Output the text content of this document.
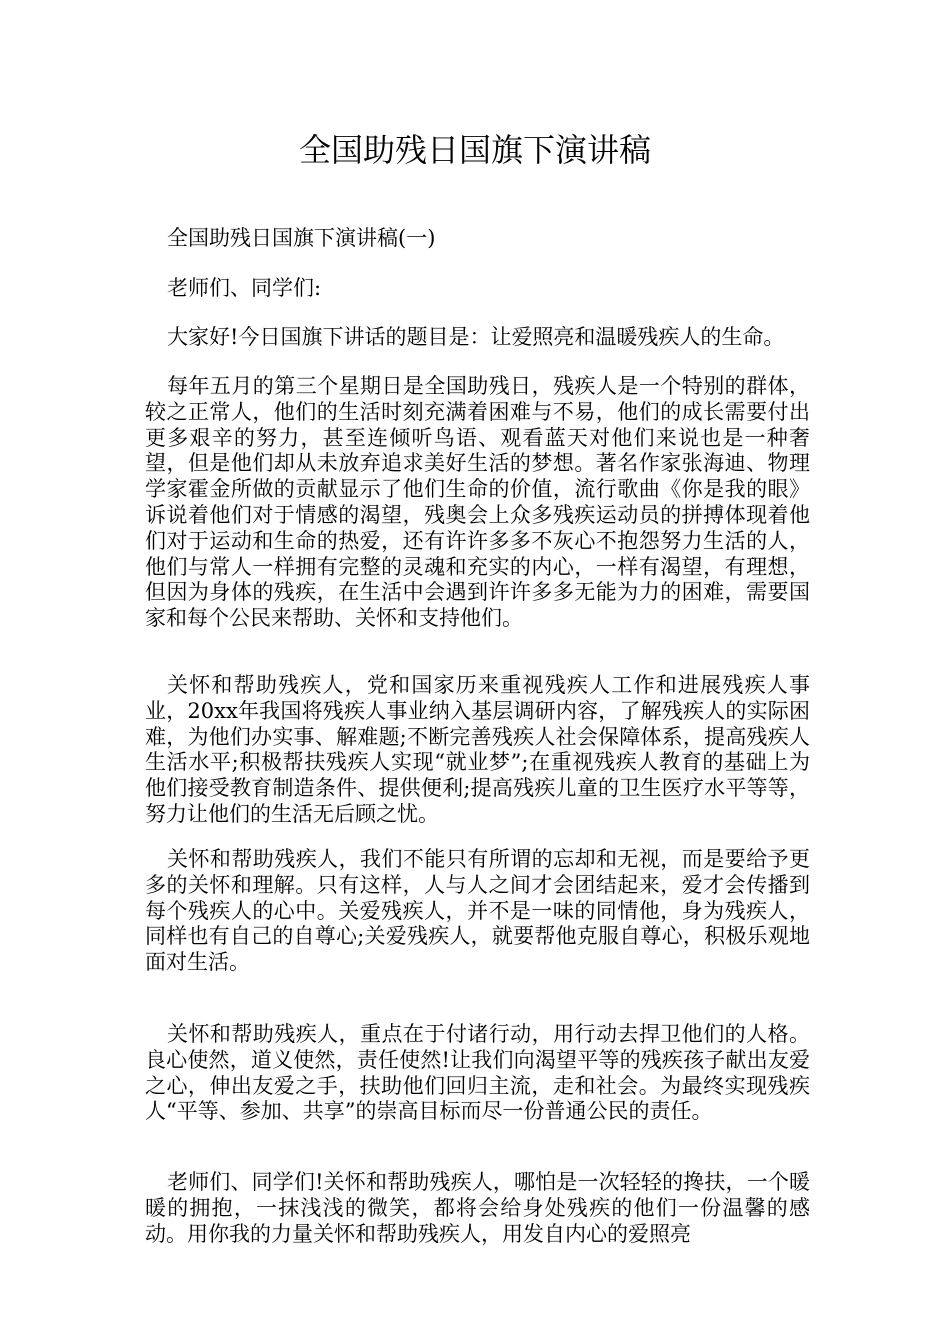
全国助残日国旗下演讲稿

全国助残日国旗下演讲稿(一)

老师们、同学们:

大家好!今日国旗下讲话的题目是：让爱照亮和温暖残疾人的生命。

每年五月的第三个星期日是全国助残日，残疾人是一个特别的群体，较之正常人，他们的生活时刻充满着困难与不易，他们的成长需要付出更多艰辛的努力，甚至连倾听鸟语、观看蓝天对他们来说也是一种奢望，但是他们却从未放弃追求美好生活的梦想。著名作家张海迪、物理学家霍金所做的贡献显示了他们生命的价值，流行歌曲《你是我的眼》诉说着他们对于情感的渴望，残奥会上众多残疾运动员的拼搏体现着他们对于运动和生命的热爱，还有许许多多不灰心不抱怨努力生活的人，他们与常人一样拥有完整的灵魂和充实的内心，一样有渴望，有理想，但因为身体的残疾，在生活中会遇到许许多多无能为力的困难，需要国家和每个公民来帮助、关怀和支持他们。

关怀和帮助残疾人，党和国家历来重视残疾人工作和进展残疾人事业，20xx年我国将残疾人事业纳入基层调研内容，了解残疾人的实际困难，为他们办实事、解难题;不断完善残疾人社会保障体系，提高残疾人生活水平;积极帮扶残疾人实现“就业梦”;在重视残疾人教育的基础上为他们接受教育制造条件、提供便利;提高残疾儿童的卫生医疗水平等等，努力让他们的生活无后顾之忧。

关怀和帮助残疾人，我们不能只有所谓的忘却和无视，而是要给予更多的关怀和理解。只有这样，人与人之间才会团结起来，爱才会传播到每个残疾人的心中。关爱残疾人，并不是一味的同情他，身为残疾人，同样也有自己的自尊心;关爱残疾人，就要帮他克服自尊心，积极乐观地面对生活。

关怀和帮助残疾人，重点在于付诸行动，用行动去捍卫他们的人格。良心使然，道义使然，责任使然!让我们向渴望平等的残疾孩子献出友爱之心，伸出友爱之手，扶助他们回归主流，走和社会。为最终实现残疾人“平等、参加、共享”的崇高目标而尽一份普通公民的责任。

老师们、同学们!关怀和帮助残疾人，哪怕是一次轻轻的搀扶，一个暖暖的拥抱，一抹浅浅的微笑，都将会给身处残疾的他们一份温馨的感动。用你我的力量关怀和帮助残疾人，用发自内心的爱照亮
